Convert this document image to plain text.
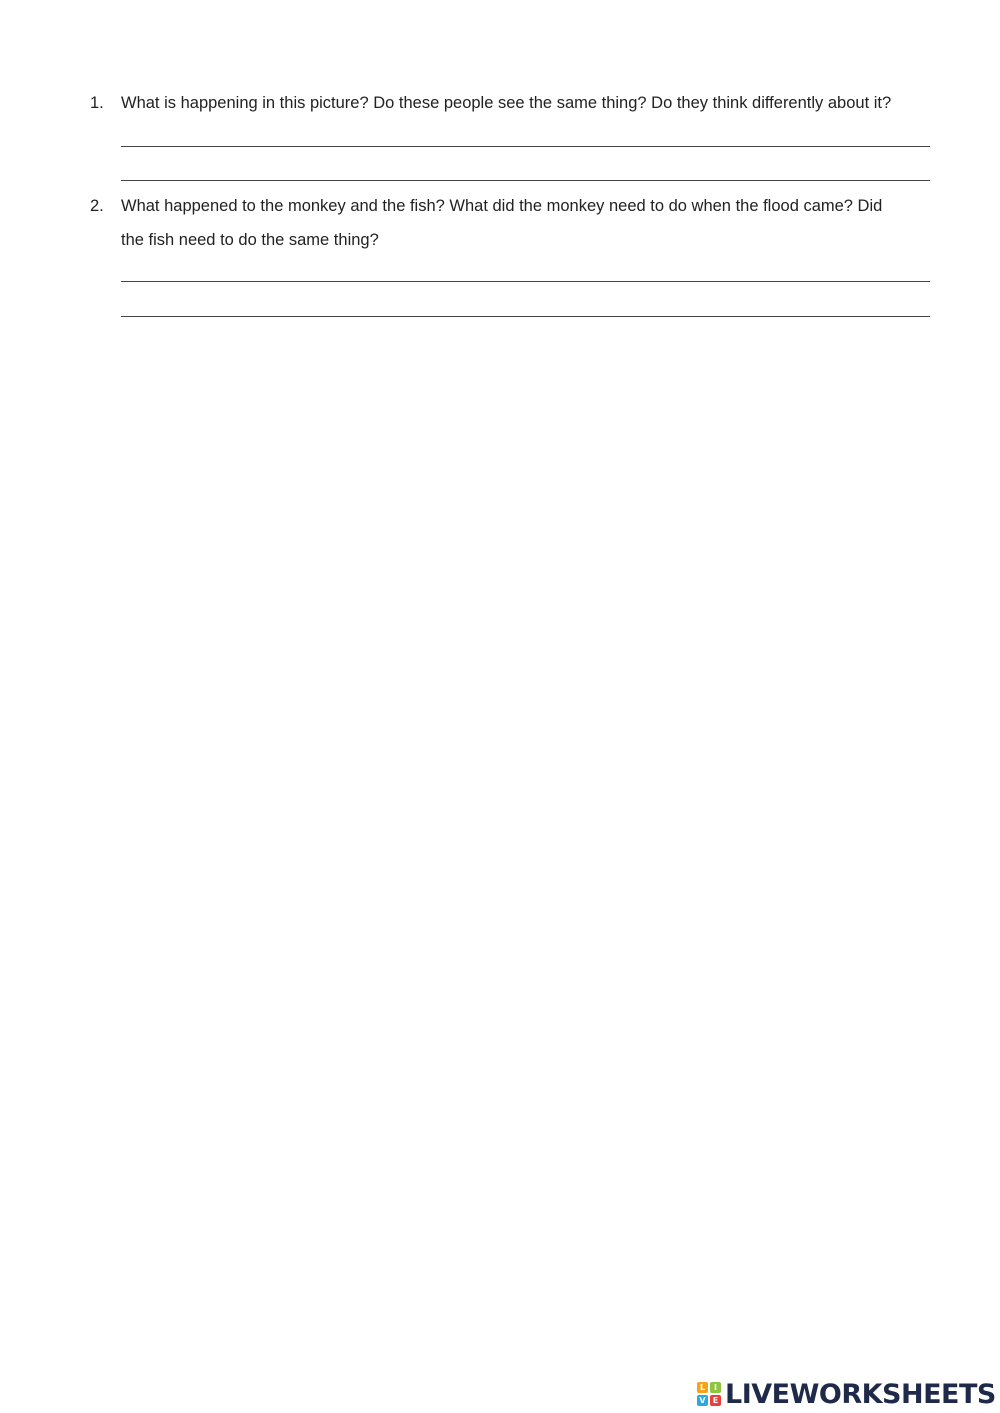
1. What is happening in this picture? Do these people see the same thing? Do they think differently about it?
2. What happened to the monkey and the fish? What did the monkey need to do when the flood came? Did
the fish need to do the same thing?
L	I
V E LIVEWORKSHEETS
